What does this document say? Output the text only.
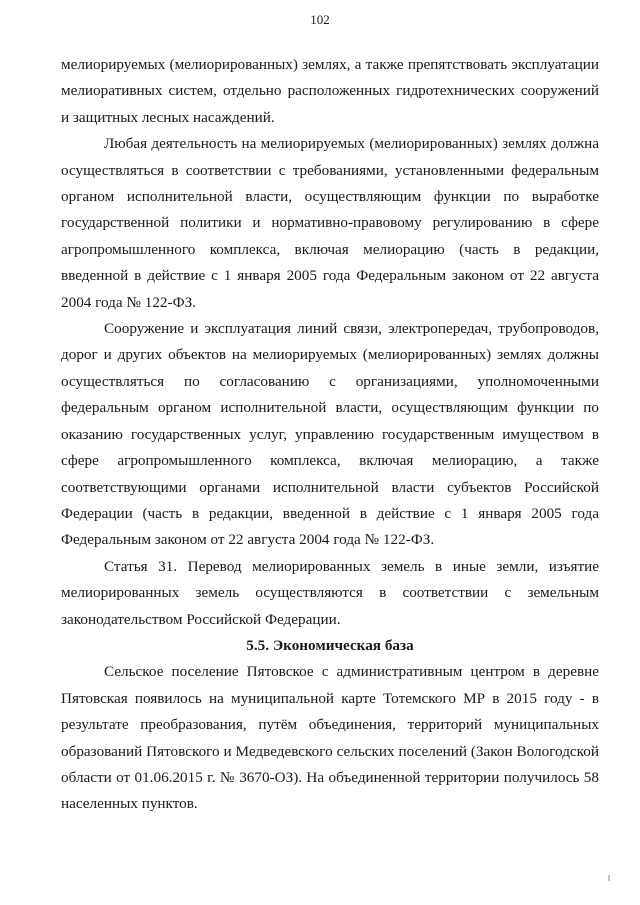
102

мелиорируемых (мелиорированных) землях, а также препятствовать эксплуатации мелиоративных систем, отдельно расположенных гидротехнических сооружений и защитных лесных насаждений.

Любая деятельность на мелиорируемых (мелиорированных) землях должна осуществляться в соответствии с требованиями, установленными федеральным органом исполнительной власти, осуществляющим функции по выработке государственной политики и нормативно-правовому регулированию в сфере агропромышленного комплекса, включая мелиорацию (часть в редакции, введенной в действие с 1 января 2005 года Федеральным законом от 22 августа 2004 года № 122-ФЗ.

Сооружение и эксплуатация линий связи, электропередач, трубопроводов, дорог и других объектов на мелиорируемых (мелиорированных) землях должны осуществляться по согласованию с организациями, уполномоченными федеральным органом исполнительной власти, осуществляющим функции по оказанию государственных услуг, управлению государственным имуществом в сфере агропромышленного комплекса, включая мелиорацию, а также соответствующими органами исполнительной власти субъектов Российской Федерации (часть в редакции, введенной в действие с 1 января 2005 года Федеральным законом от 22 августа 2004 года № 122-ФЗ.

Статья 31. Перевод мелиорированных земель в иные земли, изъятие мелиорированных земель осуществляются в соответствии с земельным законодательством Российской Федерации.

5.5. Экономическая база

Сельское поселение Пятовское с административным центром в деревне Пятовская появилось на муниципальной карте Тотемского МР в 2015 году - в результате преобразования, путём объединения, территорий муниципальных образований Пятовского и Медведевского сельских поселений (Закон Вологодской области от 01.06.2015 г. № 3670-ОЗ). На объединенной территории получилось 58 населенных пунктов.
